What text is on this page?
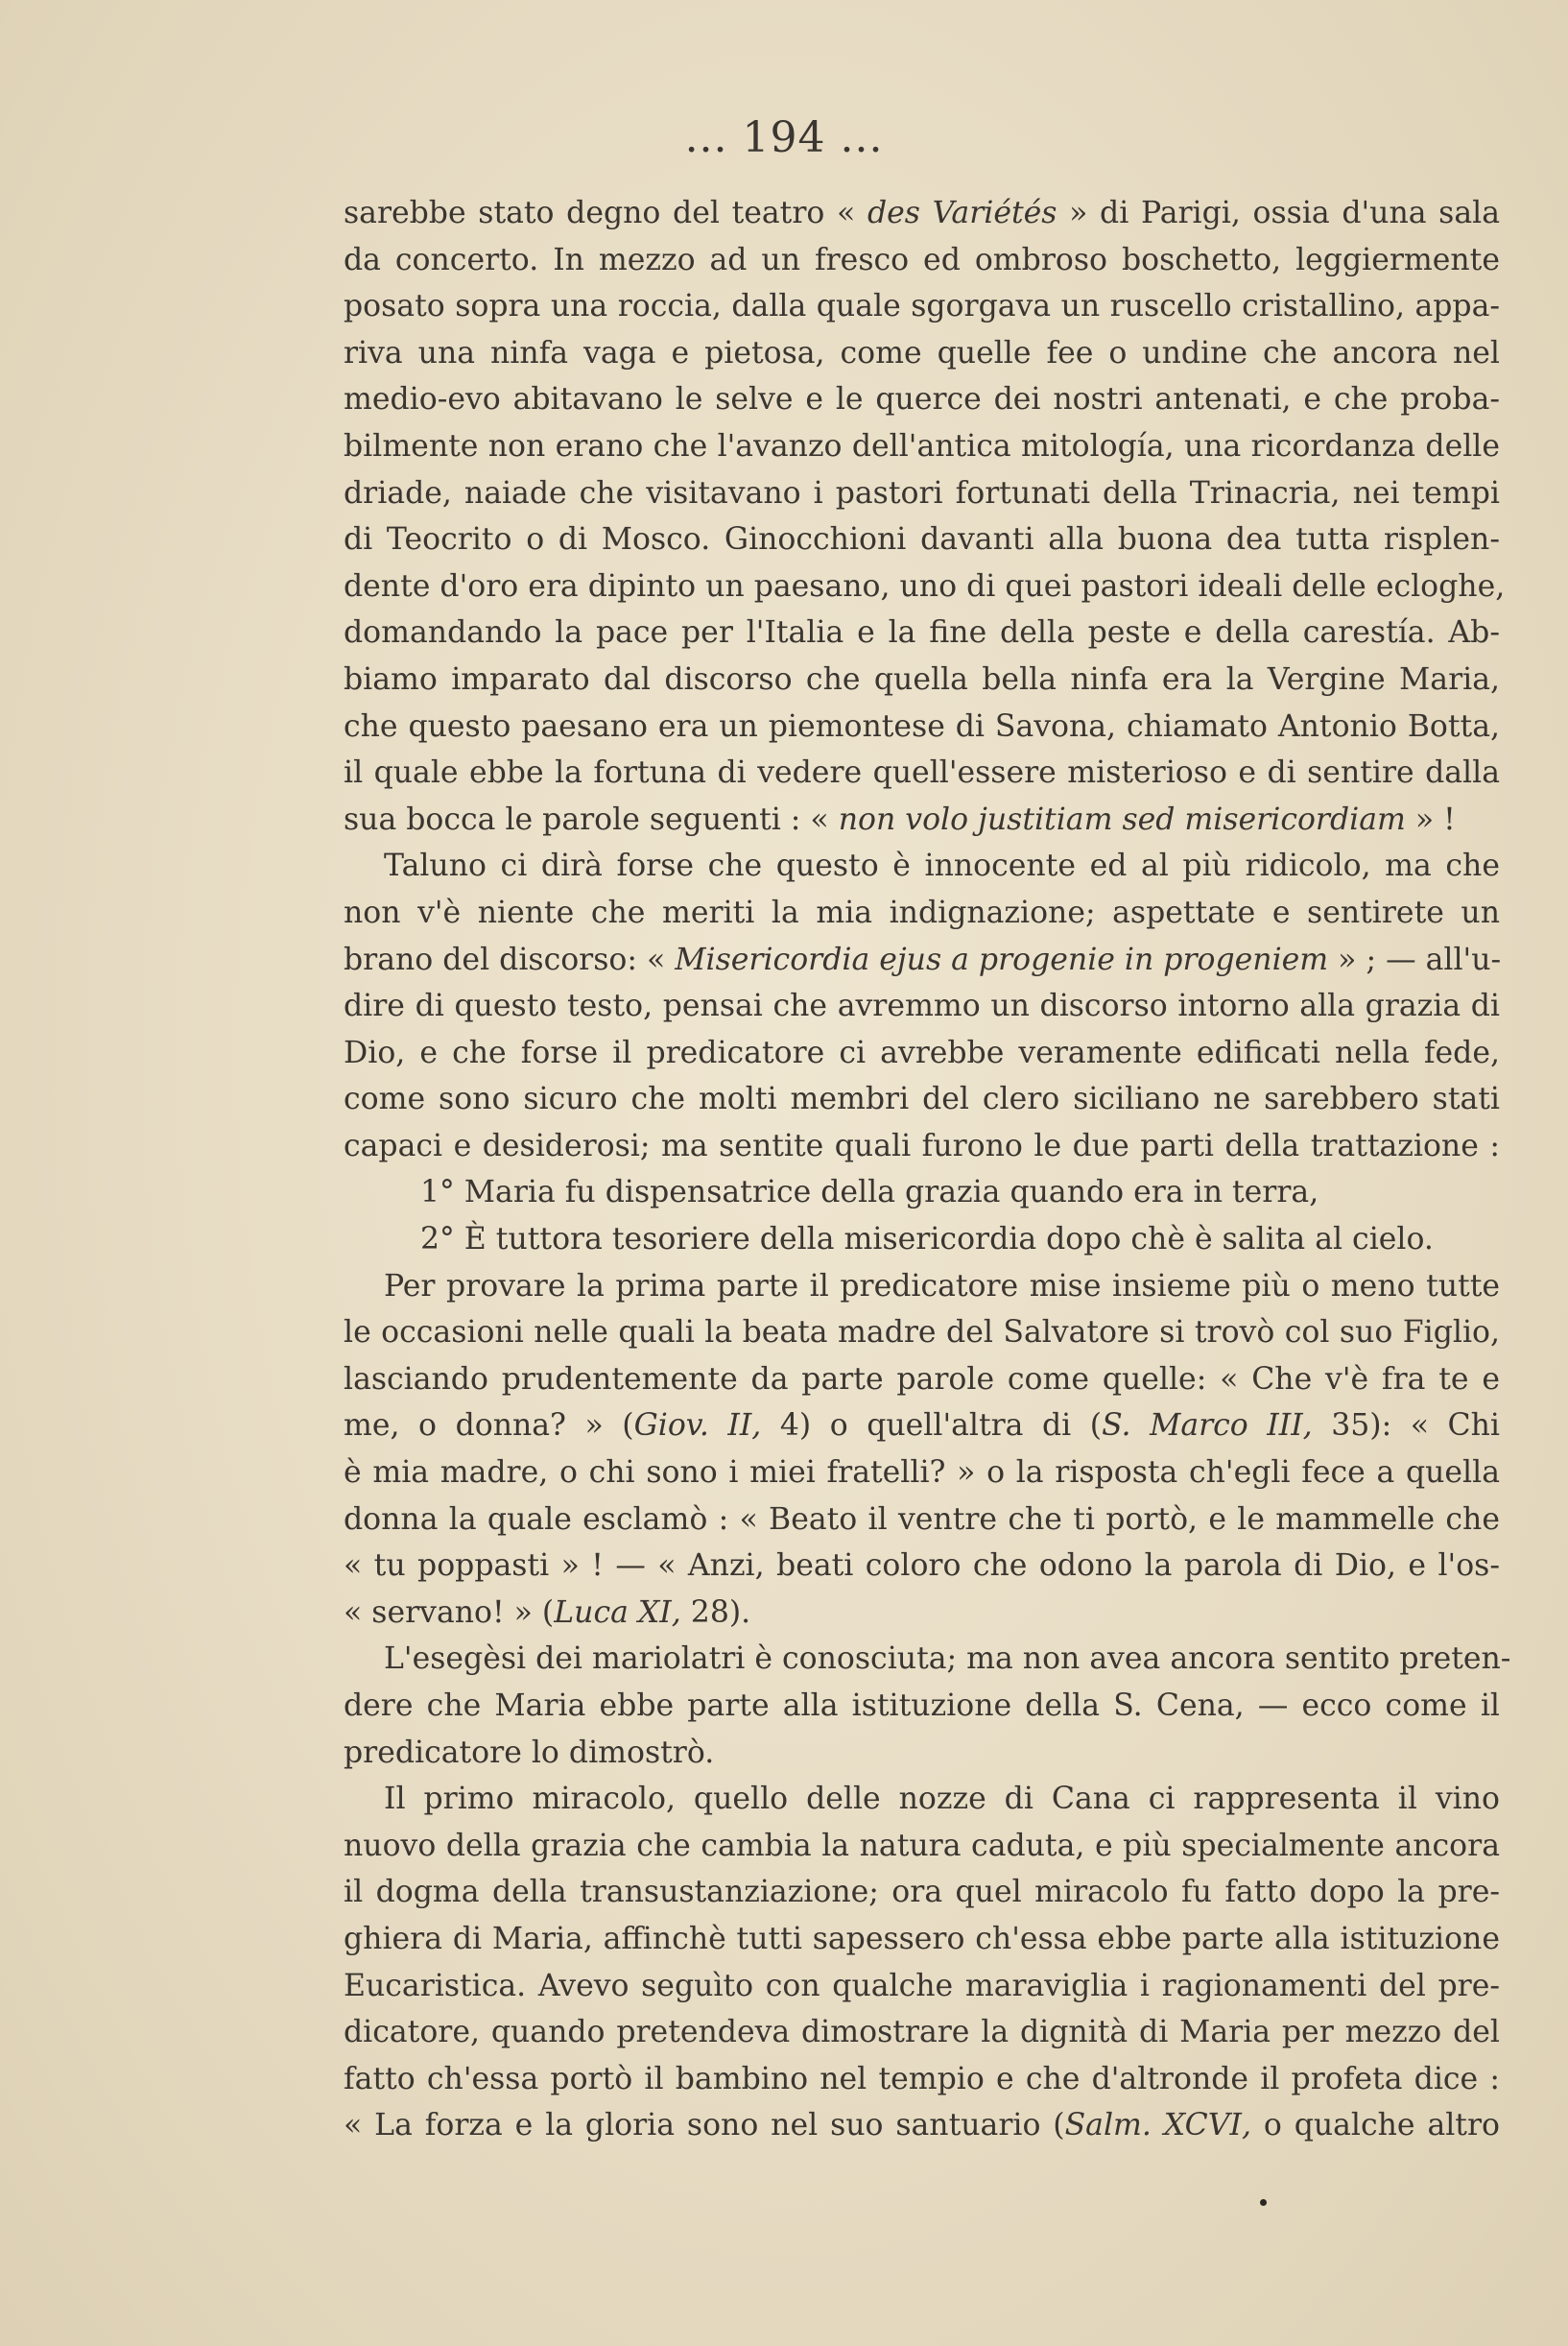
... 194 ...
sarebbe stato degno del teatro « des Variétés » di Parigi, ossia d'una sala
da concerto. In mezzo ad un fresco ed ombroso boschetto, leggiermente
posato sopra una roccia, dalla quale sgorgava un ruscello cristallino, appa-
riva una ninfa vaga e pietosa, come quelle fee o undine che ancora nel
medio-evo abitavano le selve e le querce dei nostri antenati, e che proba-
bilmente non erano che l'avanzo dell'antica mitología, una ricordanza delle
driade, naiade che visitavano i pastori fortunati della Trinacria, nei tempi
di Teocrito o di Mosco. Ginocchioni davanti alla buona dea tutta risplen-
dente d'oro era dipinto un paesano, uno di quei pastori ideali delle ecloghe,
domandando la pace per l'Italia e la fine della peste e della carestía. Ab-
biamo imparato dal discorso che quella bella ninfa era la Vergine Maria,
che questo paesano era un piemontese di Savona, chiamato Antonio Botta,
il quale ebbe la fortuna di vedere quell'essere misterioso e di sentire dalla
sua bocca le parole seguenti : « non volo justitiam sed misericordiam » !
Taluno ci dirà forse che questo è innocente ed al più ridicolo, ma che
non v'è niente che meriti la mia indignazione; aspettate e sentirete un
brano del discorso: « Misericordia ejus a progenie in progeniem » ; — all'u-
dire di questo testo, pensai che avremmo un discorso intorno alla grazia di
Dio, e che forse il predicatore ci avrebbe veramente edificati nella fede,
come sono sicuro che molti membri del clero siciliano ne sarebbero stati
capaci e desiderosi; ma sentite quali furono le due parti della trattazione :
1° Maria fu dispensatrice della grazia quando era in terra,
2° È tuttora tesoriere della misericordia dopo chè è salita al cielo.
Per provare la prima parte il predicatore mise insieme più o meno tutte
le occasioni nelle quali la beata madre del Salvatore si trovò col suo Figlio,
lasciando prudentemente da parte parole come quelle: « Che v'è fra te e
me, o donna? » (Giov. II, 4) o quell'altra di (S. Marco III, 35): « Chi
è mia madre, o chi sono i miei fratelli? » o la risposta ch'egli fece a quella
donna la quale esclamò : « Beato il ventre che ti portò, e le mammelle che
« tu poppasti » ! — « Anzi, beati coloro che odono la parola di Dio, e l'os-
« servano! » (Luca XI, 28).
L'esegèsi dei mariolatri è conosciuta; ma non avea ancora sentito preten-
dere che Maria ebbe parte alla istituzione della S. Cena, — ecco come il
predicatore lo dimostrò.
Il primo miracolo, quello delle nozze di Cana ci rappresenta il vino
nuovo della grazia che cambia la natura caduta, e più specialmente ancora
il dogma della transustanziazione; ora quel miracolo fu fatto dopo la pre-
ghiera di Maria, affinchè tutti sapessero ch'essa ebbe parte alla istituzione
Eucaristica. Avevo seguìto con qualche maraviglia i ragionamenti del pre-
dicatore, quando pretendeva dimostrare la dignità di Maria per mezzo del
fatto ch'essa portò il bambino nel tempio e che d'altronde il profeta dice :
« La forza e la gloria sono nel suo santuario (Salm. XCVI, o qualche altro
